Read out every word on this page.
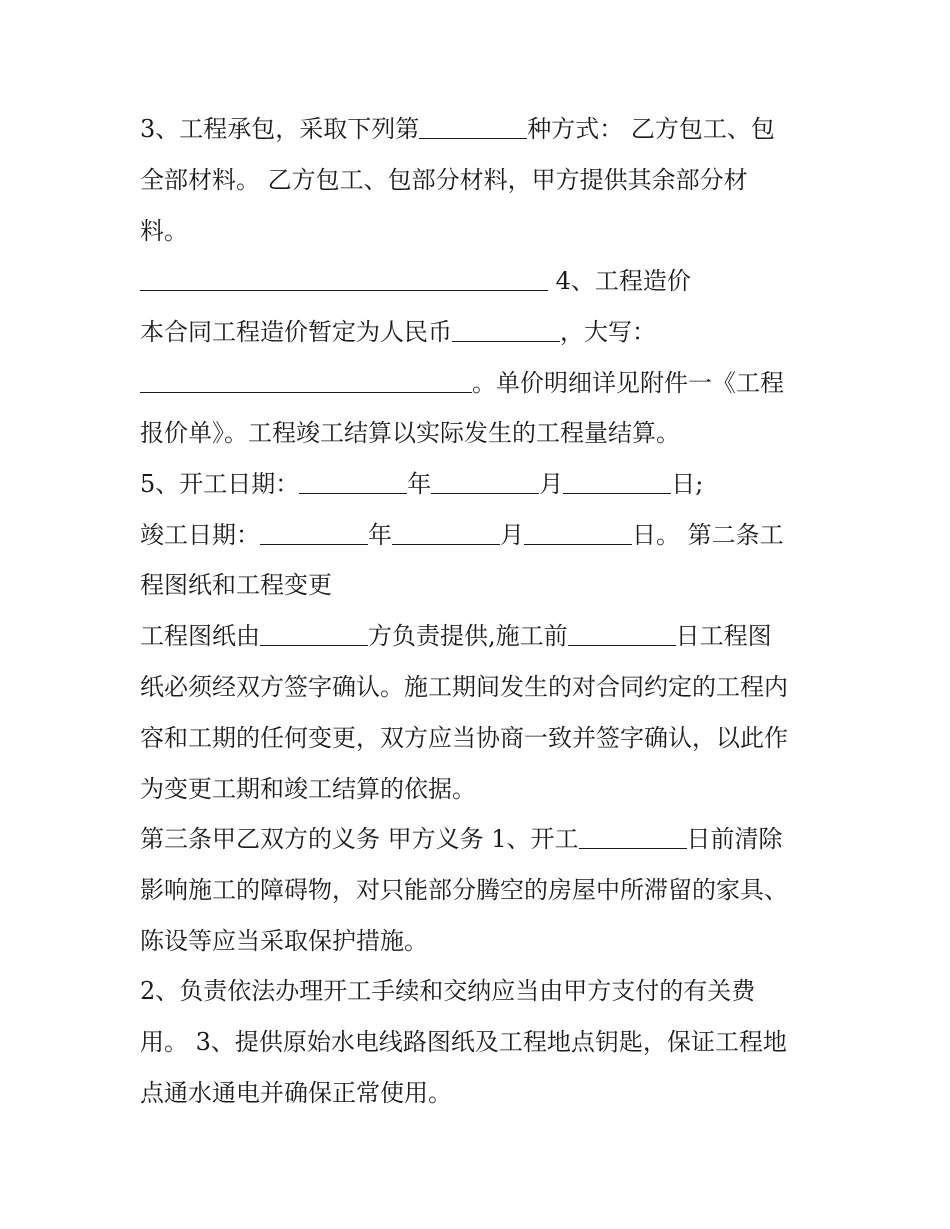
3、工程承包，采取下列第	种方式： 乙方包工、包
全部材料。 乙方包工、包部分材料，甲方提供其余部分材
料。
4、工程造价
本合同工程造价暂定为人民币	，大写：
。单价明细详见附件一《工程
报价单》。工程竣工结算以实际发生的工程量结算。
5、开工日期：	年	月	日;
竣工日期：	年	月	日。 第二条工
程图纸和工程变更
工程图纸由	方负责提供,施工前	日工程图
纸必须经双方签字确认。施工期间发生的对合同约定的工程内
容和工期的任何变更，双方应当协商一致并签字确认，以此作
为变更工期和竣工结算的依据。
第三条甲乙双方的义务 甲方义务 1、开工	日前清除
影响施工的障碍物，对只能部分腾空的房屋中所滞留的家具、
陈设等应当采取保护措施。
2、负责依法办理开工手续和交纳应当由甲方支付的有关费
用。 3、提供原始水电线路图纸及工程地点钥匙，保证工程地
点通水通电并确保正常使用。
